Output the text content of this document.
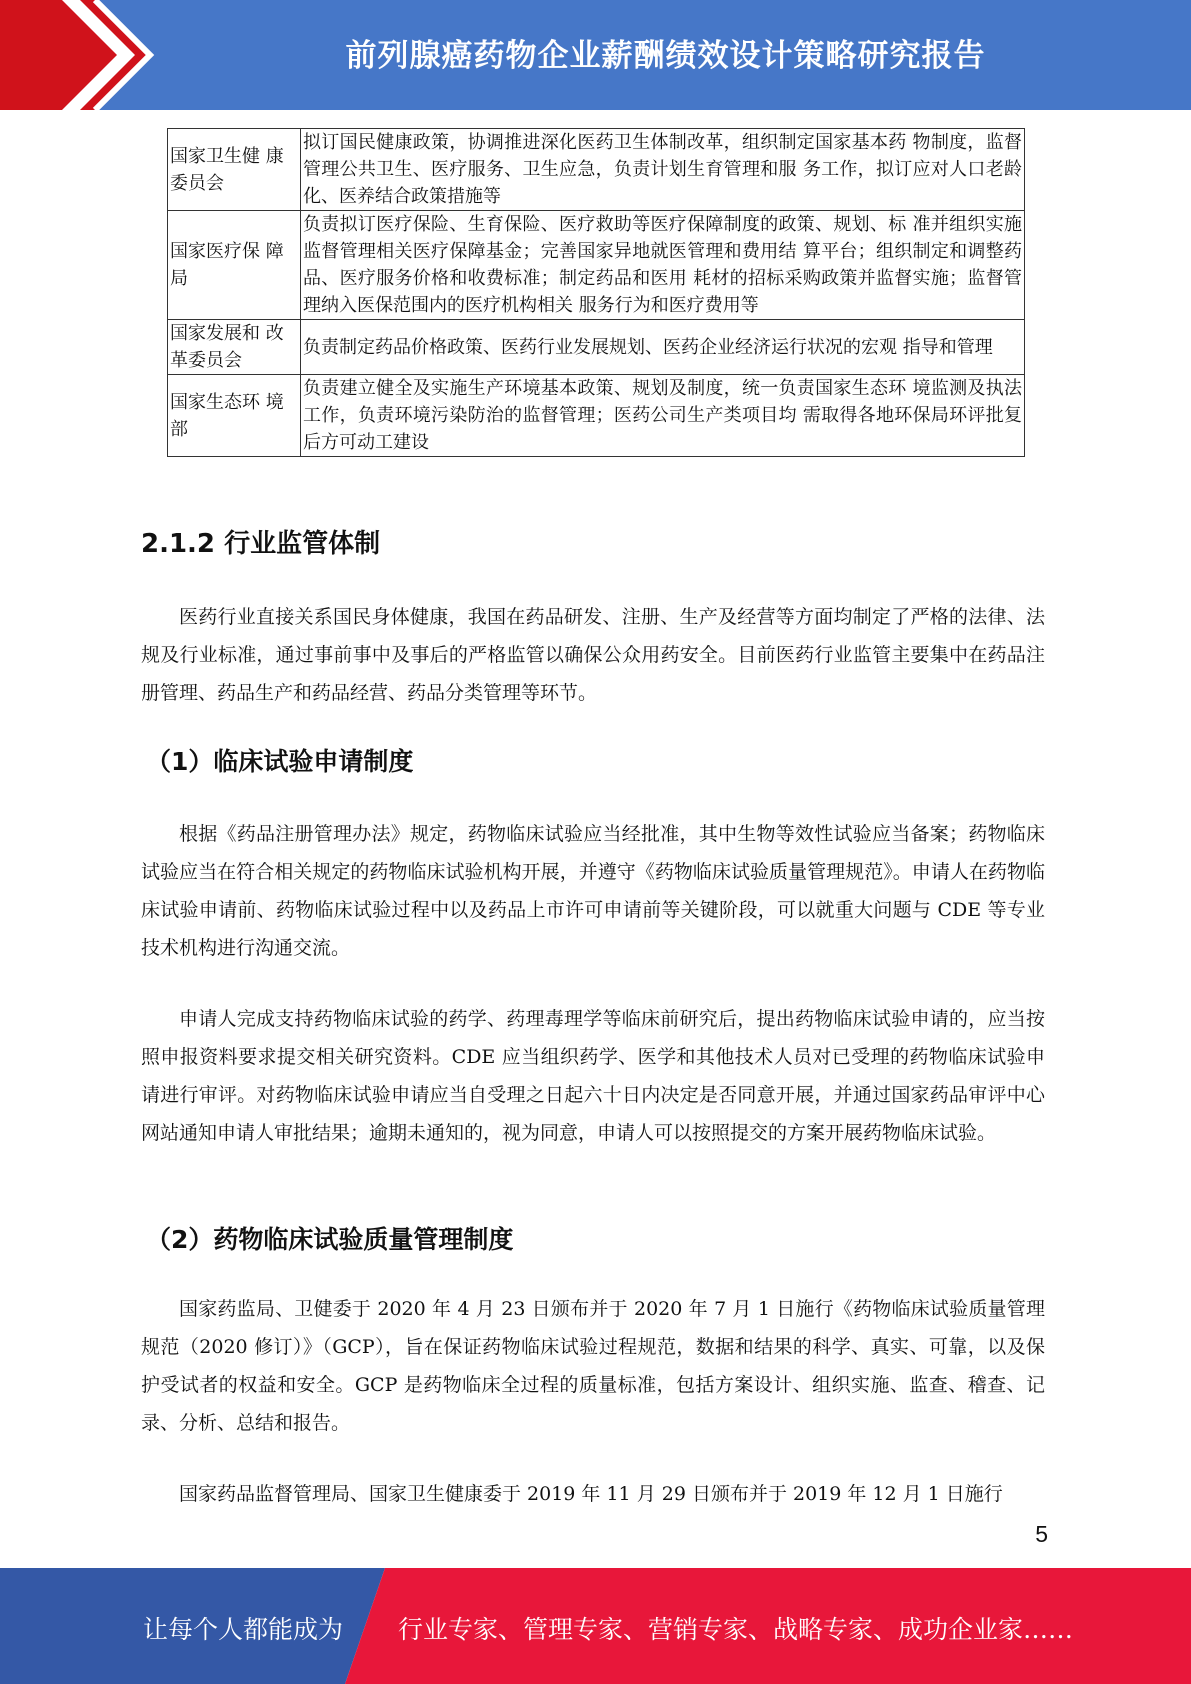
前列腺癌药物企业薪酬绩效设计策略研究报告
国家卫生健 康委员会	拟订国民健康政策，协调推进深化医药卫生体制改革，组织制定国家基本药 物制度，监督管理公共卫生、医疗服务、卫生应急，负责计划生育管理和服 务工作，拟订应对人口老龄化、医养结合政策措施等
国家医疗保 障局	负责拟订医疗保险、生育保险、医疗救助等医疗保障制度的政策、规划、标 准并组织实施监督管理相关医疗保障基金；完善国家异地就医管理和费用结 算平台；组织制定和调整药品、医疗服务价格和收费标准；制定药品和医用 耗材的招标采购政策并监督实施；监督管理纳入医保范围内的医疗机构相关 服务行为和医疗费用等
国家发展和 改革委员会	负责制定药品价格政策、医药行业发展规划、医药企业经济运行状况的宏观 指导和管理
国家生态环 境部	负责建立健全及实施生产环境基本政策、规划及制度，统一负责国家生态环 境监测及执法工作，负责环境污染防治的监督管理；医药公司生产类项目均 需取得各地环保局环评批复后方可动工建设
2.1.2 行业监管体制

医药行业直接关系国民身体健康，我国在药品研发、注册、生产及经营等方面均制定了严格的法律、法规及行业标准，通过事前事中及事后的严格监管以确保公众用药安全。目前医药行业监管主要集中在药品注册管理、药品生产和药品经营、药品分类管理等环节。

（1）临床试验申请制度

根据《药品注册管理办法》规定，药物临床试验应当经批准，其中生物等效性试验应当备案；药物临床试验应当在符合相关规定的药物临床试验机构开展，并遵守《药物临床试验质量管理规范》。申请人在药物临床试验申请前、药物临床试验过程中以及药品上市许可申请前等关键阶段，可以就重大问题与 CDE 等专业技术机构进行沟通交流。

申请人完成支持药物临床试验的药学、药理毒理学等临床前研究后，提出药物临床试验申请的，应当按照申报资料要求提交相关研究资料。CDE 应当组织药学、医学和其他技术人员对已受理的药物临床试验申请进行审评。对药物临床试验申请应当自受理之日起六十日内决定是否同意开展，并通过国家药品审评中心网站通知申请人审批结果；逾期未通知的，视为同意，申请人可以按照提交的方案开展药物临床试验。

（2）药物临床试验质量管理制度

国家药监局、卫健委于 2020 年 4 月 23 日颁布并于 2020 年 7 月 1 日施行《药物临床试验质量管理规范（2020 修订）》（GCP），旨在保证药物临床试验过程规范，数据和结果的科学、真实、可靠，以及保护受试者的权益和安全。GCP 是药物临床全过程的质量标准，包括方案设计、组织实施、监查、稽查、记录、分析、总结和报告。

国家药品监督管理局、国家卫生健康委于 2019 年 11 月 29 日颁布并于 2019 年 12 月 1 日施行

5
让每个人都能成为 行业专家、管理专家、营销专家、战略专家、成功企业家……
